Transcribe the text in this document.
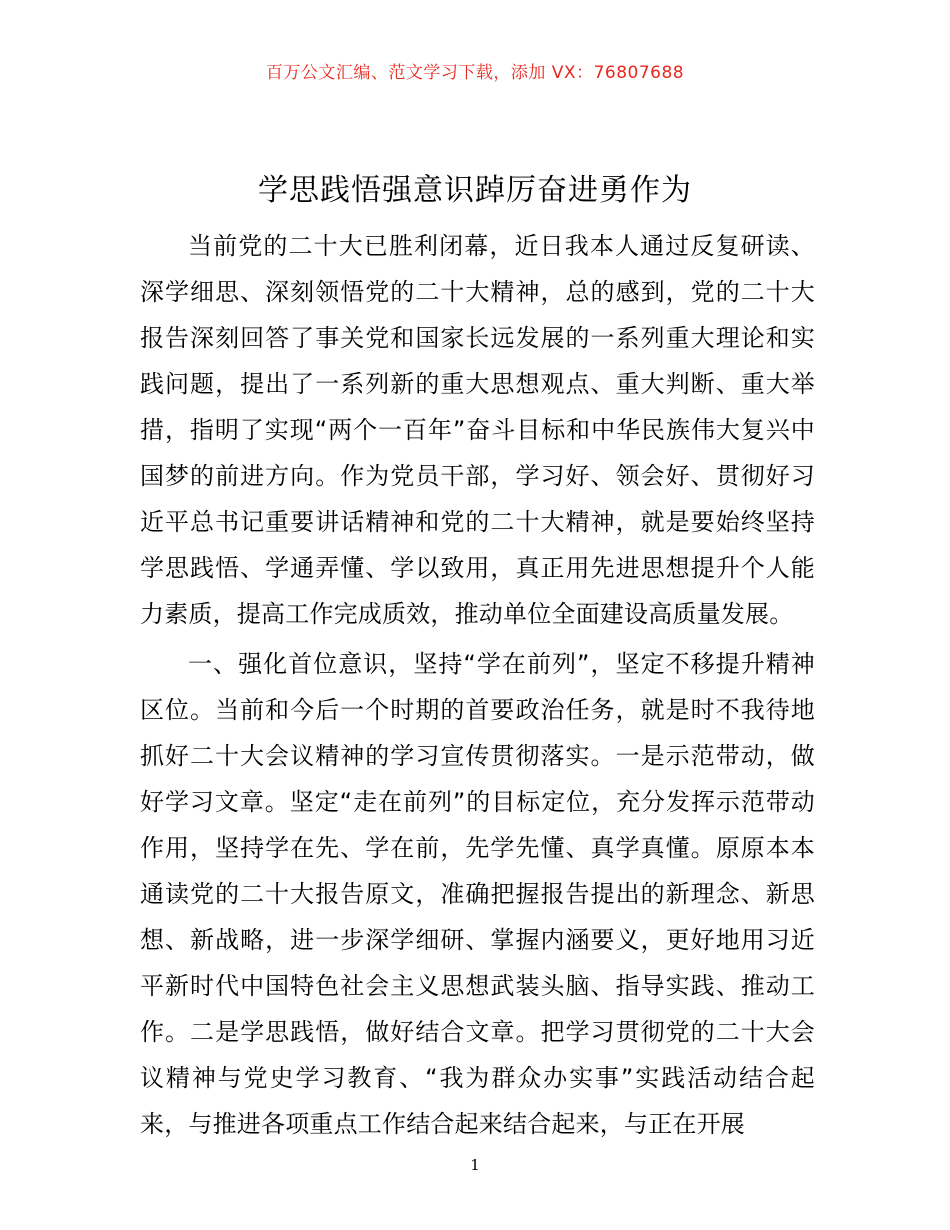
百万公文汇编、范文学习下载，添加 VX：76807688
学思践悟强意识踔厉奋进勇作为

当前党的二十大已胜利闭幕，近日我本人通过反复研读、深学细思、深刻领悟党的二十大精神，总的感到，党的二十大报告深刻回答了事关党和国家长远发展的一系列重大理论和实践问题，提出了一系列新的重大思想观点、重大判断、重大举措，指明了实现“两个一百年”奋斗目标和中华民族伟大复兴中国梦的前进方向。作为党员干部，学习好、领会好、贯彻好习近平总书记重要讲话精神和党的二十大精神，就是要始终坚持学思践悟、学通弄懂、学以致用，真正用先进思想提升个人能力素质，提高工作完成质效，推动单位全面建设高质量发展。

一、强化首位意识，坚持“学在前列”，坚定不移提升精神区位。当前和今后一个时期的首要政治任务，就是时不我待地抓好二十大会议精神的学习宣传贯彻落实。一是示范带动，做好学习文章。坚定“走在前列”的目标定位，充分发挥示范带动作用，坚持学在先、学在前，先学先懂、真学真懂。原原本本通读党的二十大报告原文，准确把握报告提出的新理念、新思想、新战略，进一步深学细研、掌握内涵要义，更好地用习近平新时代中国特色社会主义思想武装头脑、指导实践、推动工作。二是学思践悟，做好结合文章。把学习贯彻党的二十大会议精神与党史学习教育、“我为群众办实事”实践活动结合起来，与推进各项重点工作结合起来结合起来，与正在开展

1
